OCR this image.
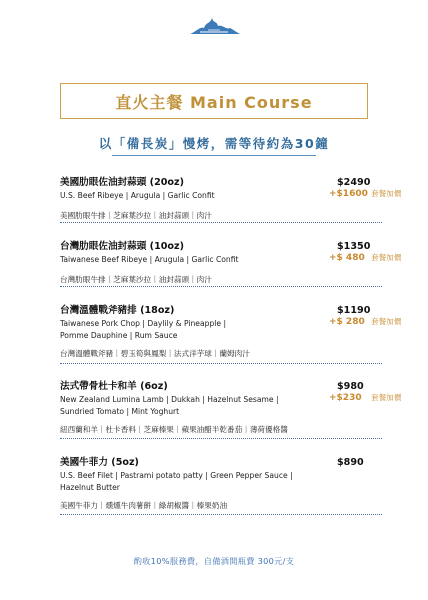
直火主餐 Main Course
以「備長炭」慢烤，需等待約為30鐘
美國肋眼佐油封蒜頭 (20oz)
U.S. Beef Ribeye | Arugula | Garlic Confit
美國肋眼牛排｜芝麻葉沙拉｜油封蒜頭｜肉汁
$2490
+$1600 套餐加價
台灣肋眼佐油封蒜頭 (10oz)
Taiwanese Beef Ribeye | Arugula | Garlic Confit
台灣肋眼牛排｜芝麻葉沙拉｜油封蒜頭｜肉汁
$1350
+$ 480 套餐加價
台灣溫體戰斧豬排 (18oz)
Taiwanese Pork Chop | Daylily & Pineapple |
Pomme Dauphine | Rum Sauce
台灣溫體戰斧豬｜碧玉筍與鳳梨｜法式洋芋球｜蘭姆肉汁
$1190
+$ 280 套餐加價
法式帶骨杜卡和羊 (6oz)
New Zealand Lumina Lamb | Dukkah | Hazelnut Sesame |
Sundried Tomato | Mint Yoghurt
紐西蘭和羊｜杜卡香料｜芝麻榛果｜蘋果油醋半乾番茄｜薄荷優格醬
$980
+$230 套餐加價
美國牛菲力 (5oz)
U.S. Beef Filet | Pastrami potato patty | Green Pepper Sauce |
Hazelnut Butter
美國牛菲力｜燻燻牛肉薯餅｜綠胡椒醬｜榛果奶油
$890
酌收10%服務費，自備酒開瓶費 300元/支
